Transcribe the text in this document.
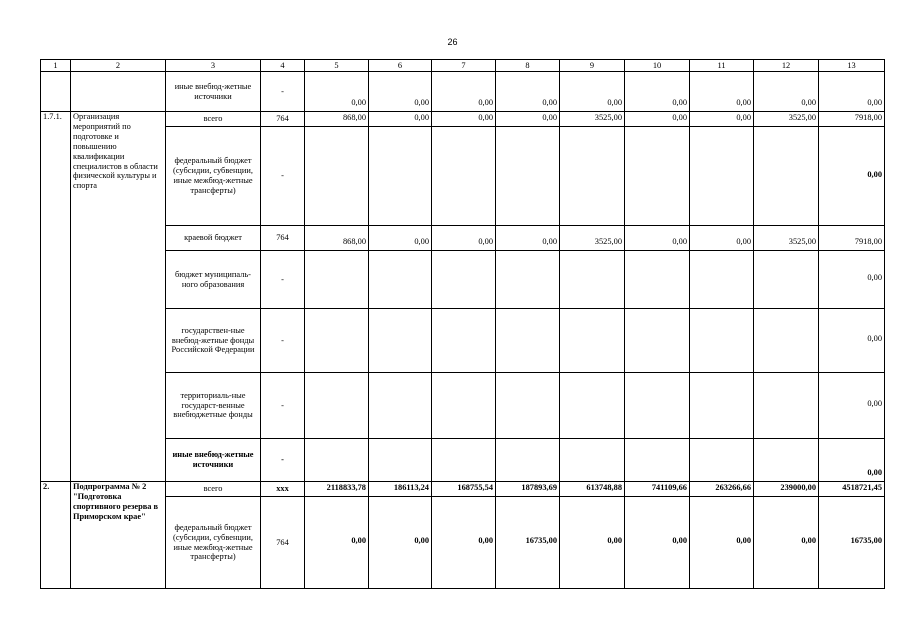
26
1	2	3	4	5	6	7	8	9	10	11	12	13
		иные внебюд-жетные источники	-	0,00	0,00	0,00	0,00	0,00	0,00	0,00	0,00	0,00
1.7.1.	Организация мероприятий по подготовке и повышению квалификации специалистов в области физической культуры и спорта	всего	764	868,00	0,00	0,00	0,00	3525,00	0,00	0,00	3525,00	7918,00
		федеральный бюджет (субсидии, субвенции, иные межбюд-жетные трансферты)	-									0,00
		краевой бюджет	764	868,00	0,00	0,00	0,00	3525,00	0,00	0,00	3525,00	7918,00
		бюджет муниципаль-ного образования	-									0,00
		государствен-ные внебюд-жетные фонды Российской Федерации	-									0,00
		территориаль-ные государст-венные внебюджетные фонды	-									0,00
		иные внебюд-жетные источники	-									0,00
2.	Подпрограмма № 2 "Подготовка спортивного резерва в Приморском крае"	всего	ххх	2118833,78	186113,24	168755,54	187893,69	613748,88	741109,66	263266,66	239000,00	4518721,45
		федеральный бюджет (субсидии, субвенции, иные межбюд-жетные трансферты)	764	0,00	0,00	0,00	16735,00	0,00	0,00	0,00	0,00	16735,00
